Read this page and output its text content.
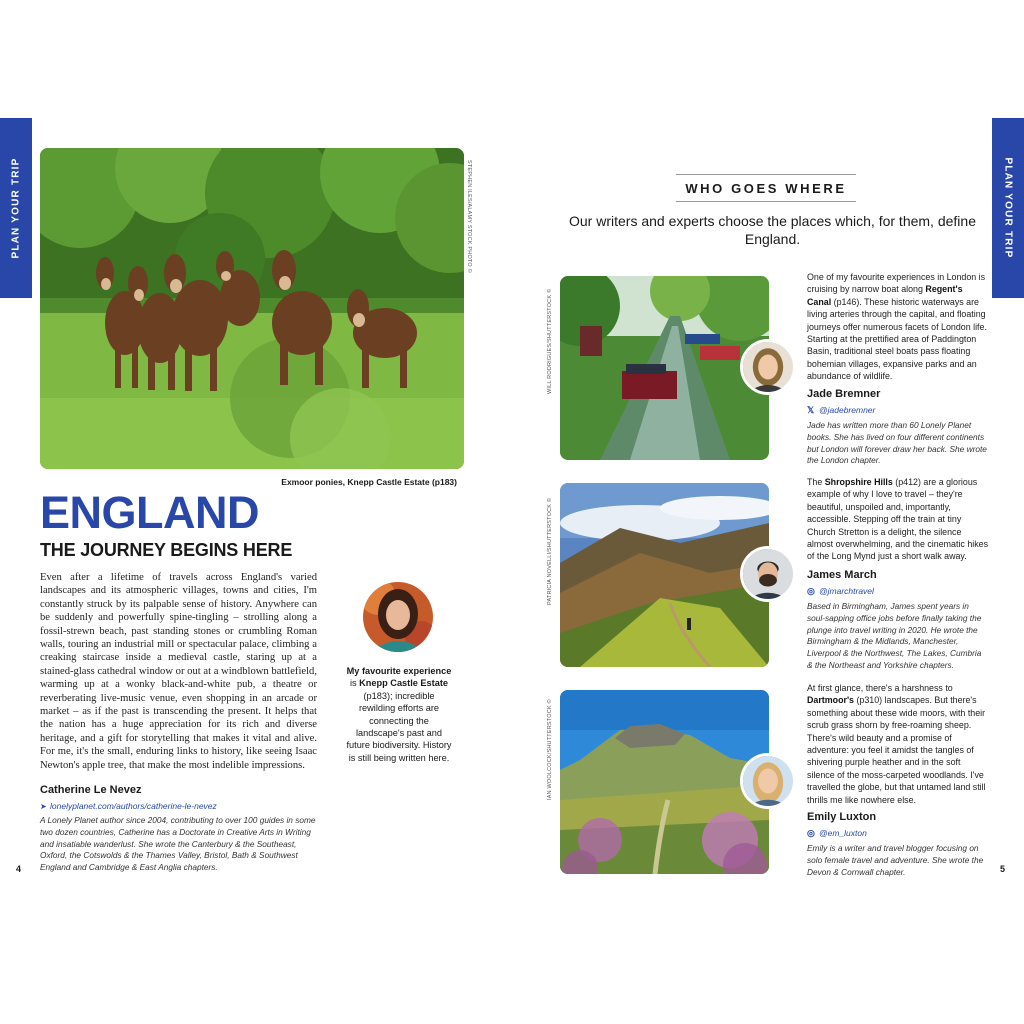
PLAN YOUR TRIP	PLAN YOUR TRIP
STEPHEN ILES/ALAMY STOCK PHOTO ©
Exmoor ponies, Knepp Castle Estate (p183)
ENGLAND
THE JOURNEY BEGINS HERE

Even after a lifetime of travels across England's varied landscapes and its atmospheric villages, towns and cities, I'm constantly struck by its palpable sense of history. Anywhere can be suddenly and powerfully spine-tingling – strolling along a fossil-strewn beach, past standing stones or crumbling Roman walls, touring an industrial mill or spectacular palace, climbing a creaking staircase inside a medieval castle, staring up at a stained-glass cathedral window or out at a windblown battlefield, warming up at a wonky black-and-white pub, a theatre or reverberating live-music venue, even shopping in an arcade or market – as if the past is transcending the present. It helps that the nation has a huge appreciation for its rich and diverse heritage, and a gift for storytelling that makes it vital and alive. For me, it's the small, enduring links to history, like seeing Isaac Newton's apple tree, that make the most indelible impressions.

Catherine Le Nevez
➤ lonelyplanet.com/authors/catherine-le-nevez

A Lonely Planet author since 2004, contributing to over 100 guides in some two dozen countries, Catherine has a Doctorate in Creative Arts in Writing and insatiable wanderlust. She wrote the Canterbury & the Southeast, Oxford, the Cotswolds & the Thames Valley, Bristol, Bath & Southwest England and Cambridge & East Anglia chapters.

My favourite experience is Knepp Castle Estate (p183); incredible rewilding efforts are connecting the landscape's past and future biodiversity. History is still being written here.

4
WHO GOES WHERE

Our writers and experts choose the places which, for them, define England.

WILL RODRIGUES/SHUTTERSTOCK ©

One of my favourite experiences in London is cruising by narrow boat along Regent's Canal (p146). These historic waterways are living arteries through the capital, and floating journeys offer numerous facets of London life. Starting at the prettified area of Paddington Basin, traditional steel boats pass floating bohemian villages, expansive parks and an abundance of wildlife.

Jade Bremner
𝕏 @jadebremner

Jade has written more than 60 Lonely Planet books. She has lived on four different continents but London will forever draw her back. She wrote the London chapter.

PATRICIA NOVELLI/SHUTTERSTOCK ©

The Shropshire Hills (p412) are a glorious example of why I love to travel – they're beautiful, unspoiled and, importantly, accessible. Stepping off the train at tiny Church Stretton is a delight, the silence almost overwhelming, and the cinematic hikes of the Long Mynd just a short walk away.

James March
◎ @jmarchtravel

Based in Birmingham, James spent years in soul-sapping office jobs before finally taking the plunge into travel writing in 2020. He wrote the Birmingham & the Midlands, Manchester, Liverpool & the Northwest, The Lakes, Cumbria & the Northeast and Yorkshire chapters.

IAN WOOLCOCK/SHUTTERSTOCK ©

At first glance, there's a harshness to Dartmoor's (p310) landscapes. But there's something about these wide moors, with their scrub grass shorn by free-roaming sheep. There's wild beauty and a promise of adventure: you feel it amidst the tangles of shivering purple heather and in the soft silence of the moss-carpeted woodlands. I've travelled the globe, but that untamed land still thrills me like nowhere else.

Emily Luxton
◎ @em_luxton

Emily is a writer and travel blogger focusing on solo female travel and adventure. She wrote the Devon & Cornwall chapter.	5
